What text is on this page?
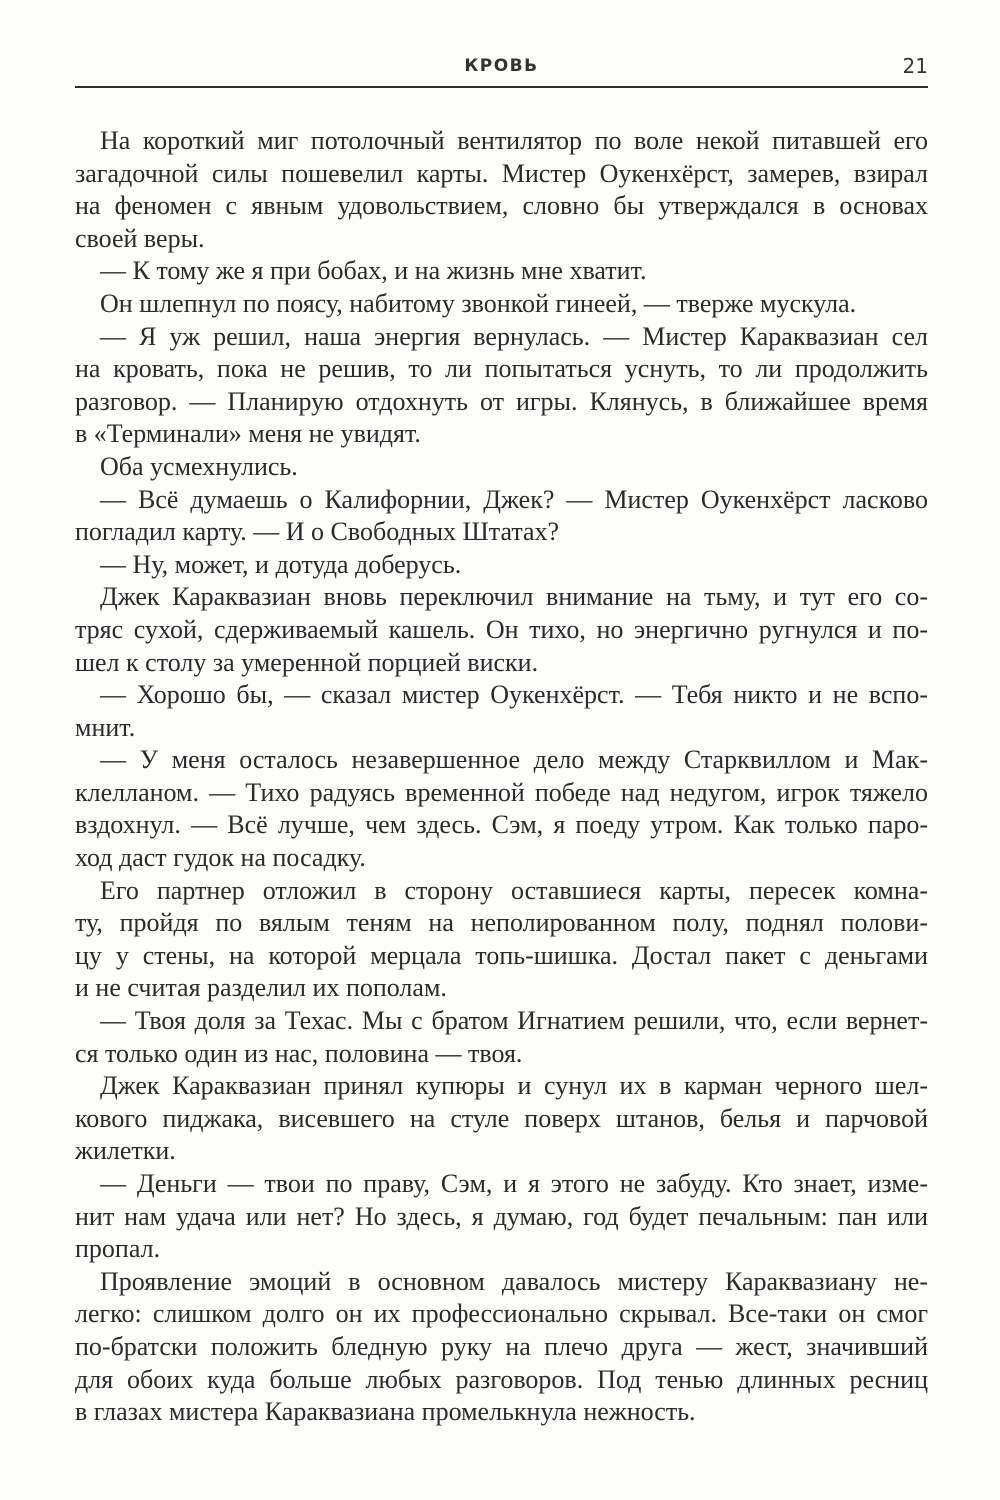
КРОВЬ	21

На короткий миг потолочный вентилятор по воле некой питавшей его
загадочной силы пошевелил карты. Мистер Оукенхёрст, замерев, взирал
на феномен с явным удовольствием, словно бы утверждался в основах
своей веры.

— К тому же я при бобах, и на жизнь мне хватит.

Он шлепнул по поясу, набитому звонкой гинеей, — тверже мускула.

— Я уж решил, наша энергия вернулась. — Мистер Караквазиан сел
на кровать, пока не решив, то ли попытаться уснуть, то ли продолжить
разговор. — Планирую отдохнуть от игры. Клянусь, в ближайшее время
в «Терминали» меня не увидят.

Оба усмехнулись.

— Всё думаешь о Калифорнии, Джек? — Мистер Оукенхёрст ласково
погладил карту. — И о Свободных Штатах?

— Ну, может, и дотуда доберусь.

Джек Караквазиан вновь переключил внимание на тьму, и тут его со-
тряс сухой, сдерживаемый кашель. Он тихо, но энергично ругнулся и по-
шел к столу за умеренной порцией виски.

— Хорошо бы, — сказал мистер Оукенхёрст. — Тебя никто и не вспо-
мнит.

— У меня осталось незавершенное дело между Старквиллом и Мак-
клелланом. — Тихо радуясь временной победе над недугом, игрок тяжело
вздохнул. — Всё лучше, чем здесь. Сэм, я поеду утром. Как только паро-
ход даст гудок на посадку.

Его партнер отложил в сторону оставшиеся карты, пересек комна-
ту, пройдя по вялым теням на неполированном полу, поднял полови-
цу у стены, на которой мерцала топь-шишка. Достал пакет с деньгами
и не считая разделил их пополам.

— Твоя доля за Техас. Мы с братом Игнатием решили, что, если вернет-
ся только один из нас, половина — твоя.

Джек Караквазиан принял купюры и сунул их в карман черного шел-
кового пиджака, висевшего на стуле поверх штанов, белья и парчовой
жилетки.

— Деньги — твои по праву, Сэм, и я этого не забуду. Кто знает, изме-
нит нам удача или нет? Но здесь, я думаю, год будет печальным: пан или
пропал.

Проявление эмоций в основном давалось мистеру Караквазиану не-
легко: слишком долго он их профессионально скрывал. Все-таки он смог
по-братски положить бледную руку на плечо друга — жест, значивший
для обоих куда больше любых разговоров. Под тенью длинных ресниц
в глазах мистера Караквазиана промелькнула нежность.
